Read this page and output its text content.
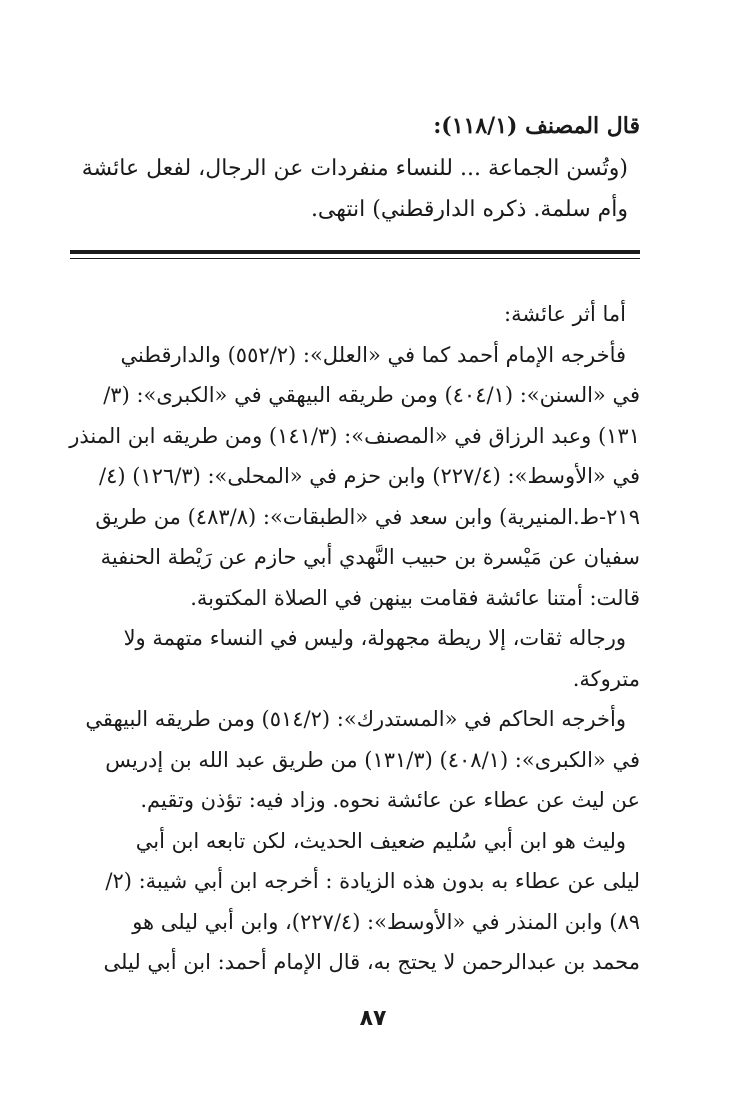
قال المصنف (١١٨/١):
(وتُسن الجماعة ... للنساء منفردات عن الرجال، لفعل عائشة
وأم سلمة. ذكره الدارقطني) انتهى.
أما أثر عائشة:
فأخرجه الإمام أحمد كما في «العلل»: (٥٥٢/٢) والدارقطني
في «السنن»: (٤٠٤/١) ومن طريقه البيهقي في «الكبرى»: (٣/
١٣١) وعبد الرزاق في «المصنف»: (١٤١/٣) ومن طريقه ابن المنذر
في «الأوسط»: (٢٢٧/٤) وابن حزم في «المحلى»: (١٢٦/٣) (٤/
٢١٩-ط.المنيرية) وابن سعد في «الطبقات»: (٤٨٣/٨) من طريق
سفيان عن مَيْسرة بن حبيب النَّهدي أبي حازم عن رَيْطة الحنفية
قالت: أمتنا عائشة فقامت بينهن في الصلاة المكتوبة.
ورجاله ثقات، إلا ريطة مجهولة، وليس في النساء متهمة ولا
متروكة.
وأخرجه الحاكم في «المستدرك»: (٥١٤/٢) ومن طريقه البيهقي
في «الكبرى»: (٤٠٨/١) (١٣١/٣) من طريق عبد الله بن إدريس
عن ليث عن عطاء عن عائشة نحوه. وزاد فيه: تؤذن وتقيم.
وليث هو ابن أبي سُليم ضعيف الحديث، لكن تابعه ابن أبي
ليلى عن عطاء به بدون هذه الزيادة : أخرجه ابن أبي شيبة: (٢/
٨٩) وابن المنذر في «الأوسط»: (٢٢٧/٤)، وابن أبي ليلى هو
محمد بن عبدالرحمن لا يحتج به، قال الإمام أحمد: ابن أبي ليلى
٨٧
